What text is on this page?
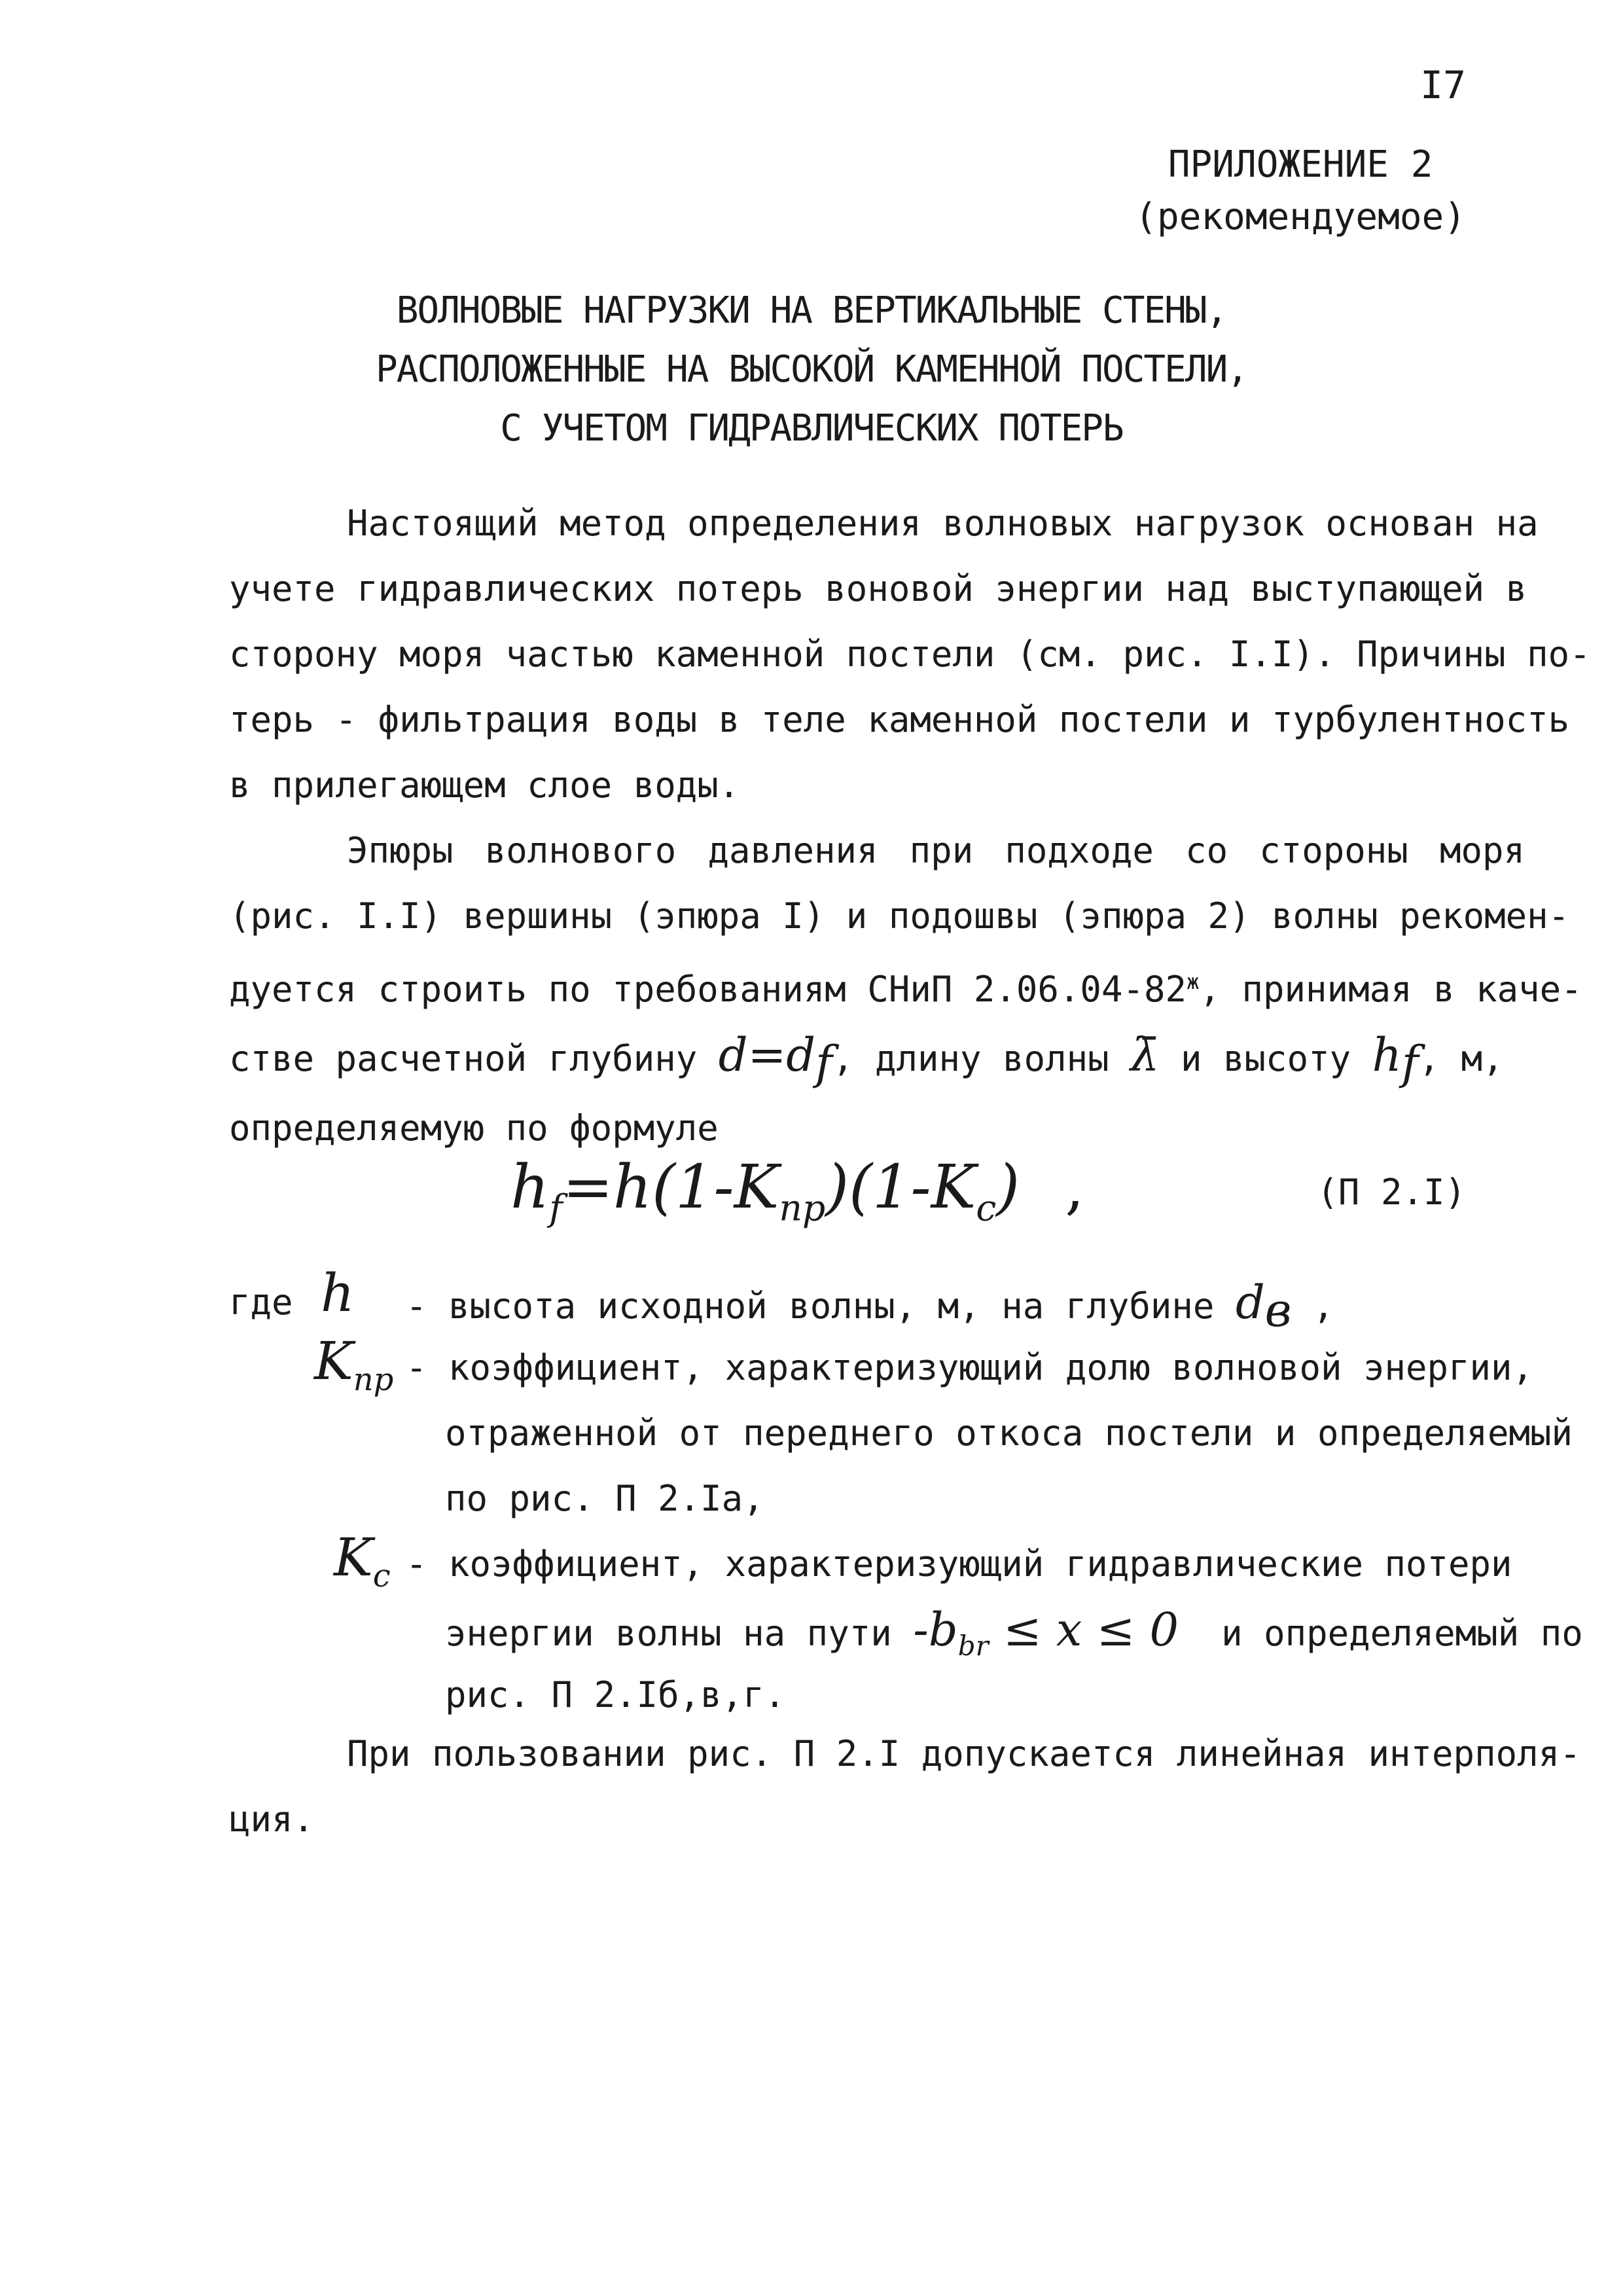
I7
ПРИЛОЖЕНИЕ 2
(рекомендуемое)
ВОЛНОВЫЕ НАГРУЗКИ НА ВЕРТИКАЛЬНЫЕ СТЕНЫ,
РАСПОЛОЖЕННЫЕ НА ВЫСОКОЙ КАМЕННОЙ ПОСТЕЛИ,
С УЧЕТОМ ГИДРАВЛИЧЕСКИХ ПОТЕРЬ
Настоящий метод определения волновых нагрузок основан на
учете гидравлических потерь воновой энергии над выступающей в
сторону моря частью каменной постели (см. рис. I.I). Причины по-
терь - фильтрация воды в теле каменной постели и турбулентность
в прилегающем слое воды.
Эпюры волнового давления при подходе со стороны моря
(рис. I.I) вершины (эпюра I) и подошвы (эпюра 2) волны рекомен-
дуется строить по требованиям СНиП $2.06.04-82^ж$, принимая в каче-
стве расчетной глубину $d=d_f$, длину волны λ̄ и высоту $h_f$, м,
определяемую по формуле
$h_f=h(1-K_{пр})(1-K_c)$ ,	(П 2.I)
где h - высота исходной волны, м, на глубине $d_в$ ,
$K_{пр}$ - коэффициент, характеризующий долю волновой энергии,
отраженной от переднего откоса постели и определяемый
по рис. П 2.Iа,
$K_c$ - коэффициент, характеризующий гидравлические потери
энергии волны на пути $-b_{br} \le x \le 0$ и определяемый по
рис. П 2.Iб,в,г.
При пользовании рис. П 2.I допускается линейная интерполя-
ция.
